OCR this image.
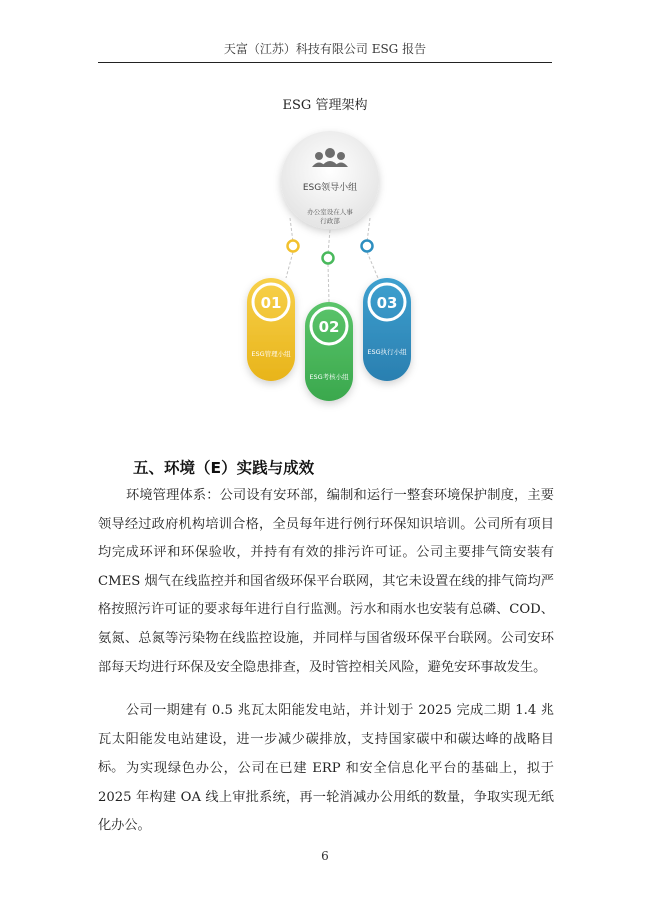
天富（江苏）科技有限公司 ESG 报告
ESG 管理架构
ESG领导小组
办公室设在人事
行政部
01
ESG管理小组
02
ESG考核小组
03
ESG执行小组
五、环境（E）实践与成效

环境管理体系：公司设有安环部，编制和运行一整套环境保护制度，主要领导经过政府机构培训合格，全员每年进行例行环保知识培训。公司所有项目均完成环评和环保验收，并持有有效的排污许可证。公司主要排气筒安装有 CMES 烟气在线监控并和国省级环保平台联网，其它未设置在线的排气筒均严格按照污许可证的要求每年进行自行监测。污水和雨水也安装有总磷、COD、氨氮、总氮等污染物在线监控设施，并同样与国省级环保平台联网。公司安环部每天均进行环保及安全隐患排查，及时管控相关风险，避免安环事故发生。

公司一期建有 0.5 兆瓦太阳能发电站，并计划于 2025 完成二期 1.4 兆瓦太阳能发电站建设，进一步减少碳排放，支持国家碳中和碳达峰的战略目标。 为实现绿色办公，公司在已建 ERP 和安全信息化平台的基础上，拟于 2025 年构建 OA 线上审批系统，再一轮消减办公用纸的数量，争取实现无纸化办公。

6
